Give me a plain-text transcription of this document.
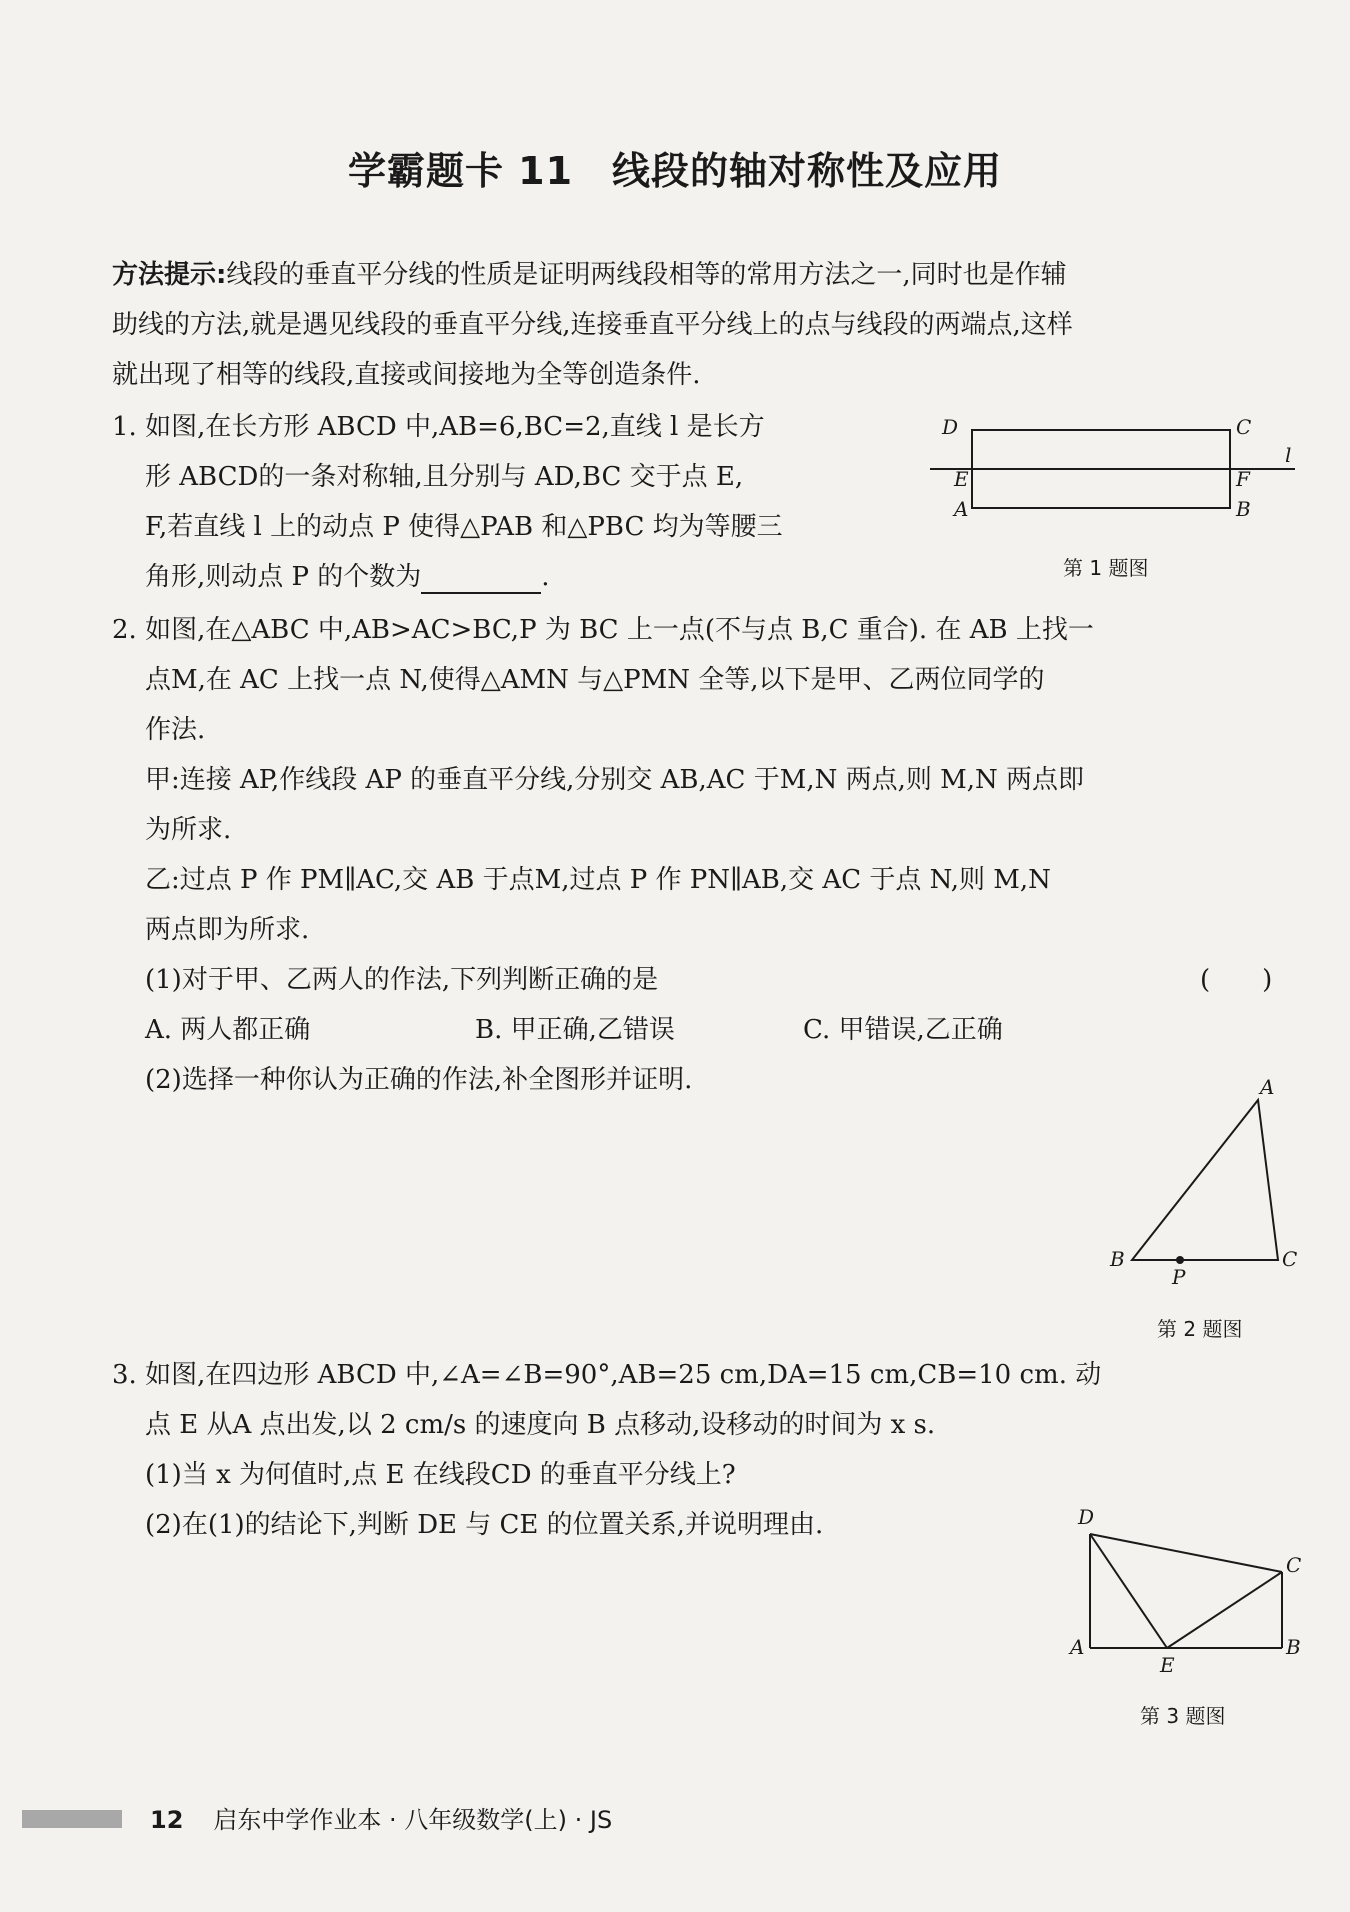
学霸题卡 11　线段的轴对称性及应用
方法提示:线段的垂直平分线的性质是证明两线段相等的常用方法之一,同时也是作辅
助线的方法,就是遇见线段的垂直平分线,连接垂直平分线上的点与线段的两端点,这样
就出现了相等的线段,直接或间接地为全等创造条件.
1. 如图,在长方形 ABCD 中,AB=6,BC=2,直线 l 是长方
形 ABCD的一条对称轴,且分别与 AD,BC 交于点 E,
F,若直线 l 上的动点 P 使得△PAB 和△PBC 均为等腰三
角形,则动点 P 的个数为	.
D	C
E	F
A	B
l
第 1 题图
2. 如图,在△ABC 中,AB>AC>BC,P 为 BC 上一点(不与点 B,C 重合). 在 AB 上找一
点M,在 AC 上找一点 N,使得△AMN 与△PMN 全等,以下是甲、乙两位同学的
作法.
甲:连接 AP,作线段 AP 的垂直平分线,分别交 AB,AC 于M,N 两点,则 M,N 两点即
为所求.
乙:过点 P 作 PM∥AC,交 AB 于点M,过点 P 作 PN∥AB,交 AC 于点 N,则 M,N
两点即为所求.
(1)对于甲、乙两人的作法,下列判断正确的是	(　　)
A. 两人都正确	B. 甲正确,乙错误	C. 甲错误,乙正确
(2)选择一种你认为正确的作法,补全图形并证明.	A
B	C
P
第 2 题图
3. 如图,在四边形 ABCD 中,∠A=∠B=90°,AB=25 cm,DA=15 cm,CB=10 cm. 动
点 E 从A 点出发,以 2 cm/s 的速度向 B 点移动,设移动的时间为 x s.
(1)当 x 为何值时,点 E 在线段CD 的垂直平分线上?
(2)在(1)的结论下,判断 DE 与 CE 的位置关系,并说明理由.	D
C
A
E
B
第 3 题图
12 启东中学作业本 · 八年级数学(上) · JS
